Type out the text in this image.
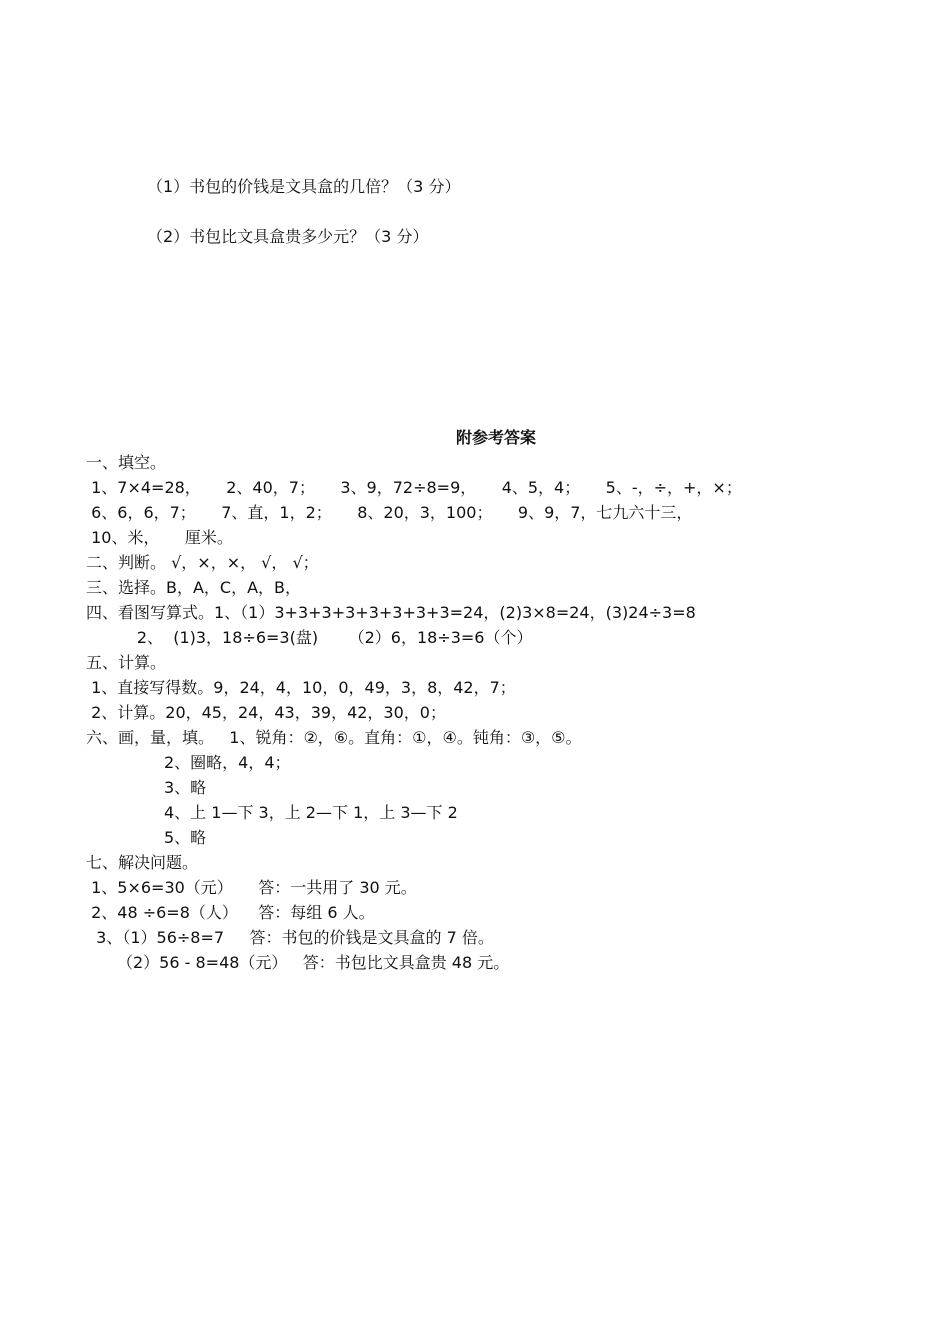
（1）书包的价钱是文具盒的几倍？（3 分）
（2）书包比文具盒贵多少元？（3 分）
附参考答案
一、填空。
1、7×4=28，     2、40，7；     3、9，72÷8=9，     4、5，4；     5、-，÷，+，×；
6、6，6，7；     7、直，1，2；     8、20，3，100；     9、9，7，七九六十三，
10、米，     厘米。
二、判断。 √，×，×， √， √；
三、选择。B，A，C，A，B，
四、看图写算式。1、（1）3+3+3+3+3+3+3+3=24，(2)3×8=24，(3)24÷3=8
2、  (1)3，18÷6=3(盘)      （2）6，18÷3=6（个）
五、计算。
1、直接写得数。9，24，4，10，0，49，3，8，42，7；
2、计算。20，45，24，43，39，42，30，0；
六、画，量，填。   1、锐角：②，⑥。直角：①，④。钝角：③，⑤。
2、圈略，4，4；
3、略
4、上 1—下 3，上 2—下 1，上 3—下 2
5、略
七、解决问题。
1、5×6=30（元）     答：一共用了 30 元。
2、48 ÷6=8（人）    答：每组 6 人。
3、（1）56÷8=7     答：书包的价钱是文具盒的 7 倍。
（2）56 - 8=48（元）   答：书包比文具盒贵 48 元。
